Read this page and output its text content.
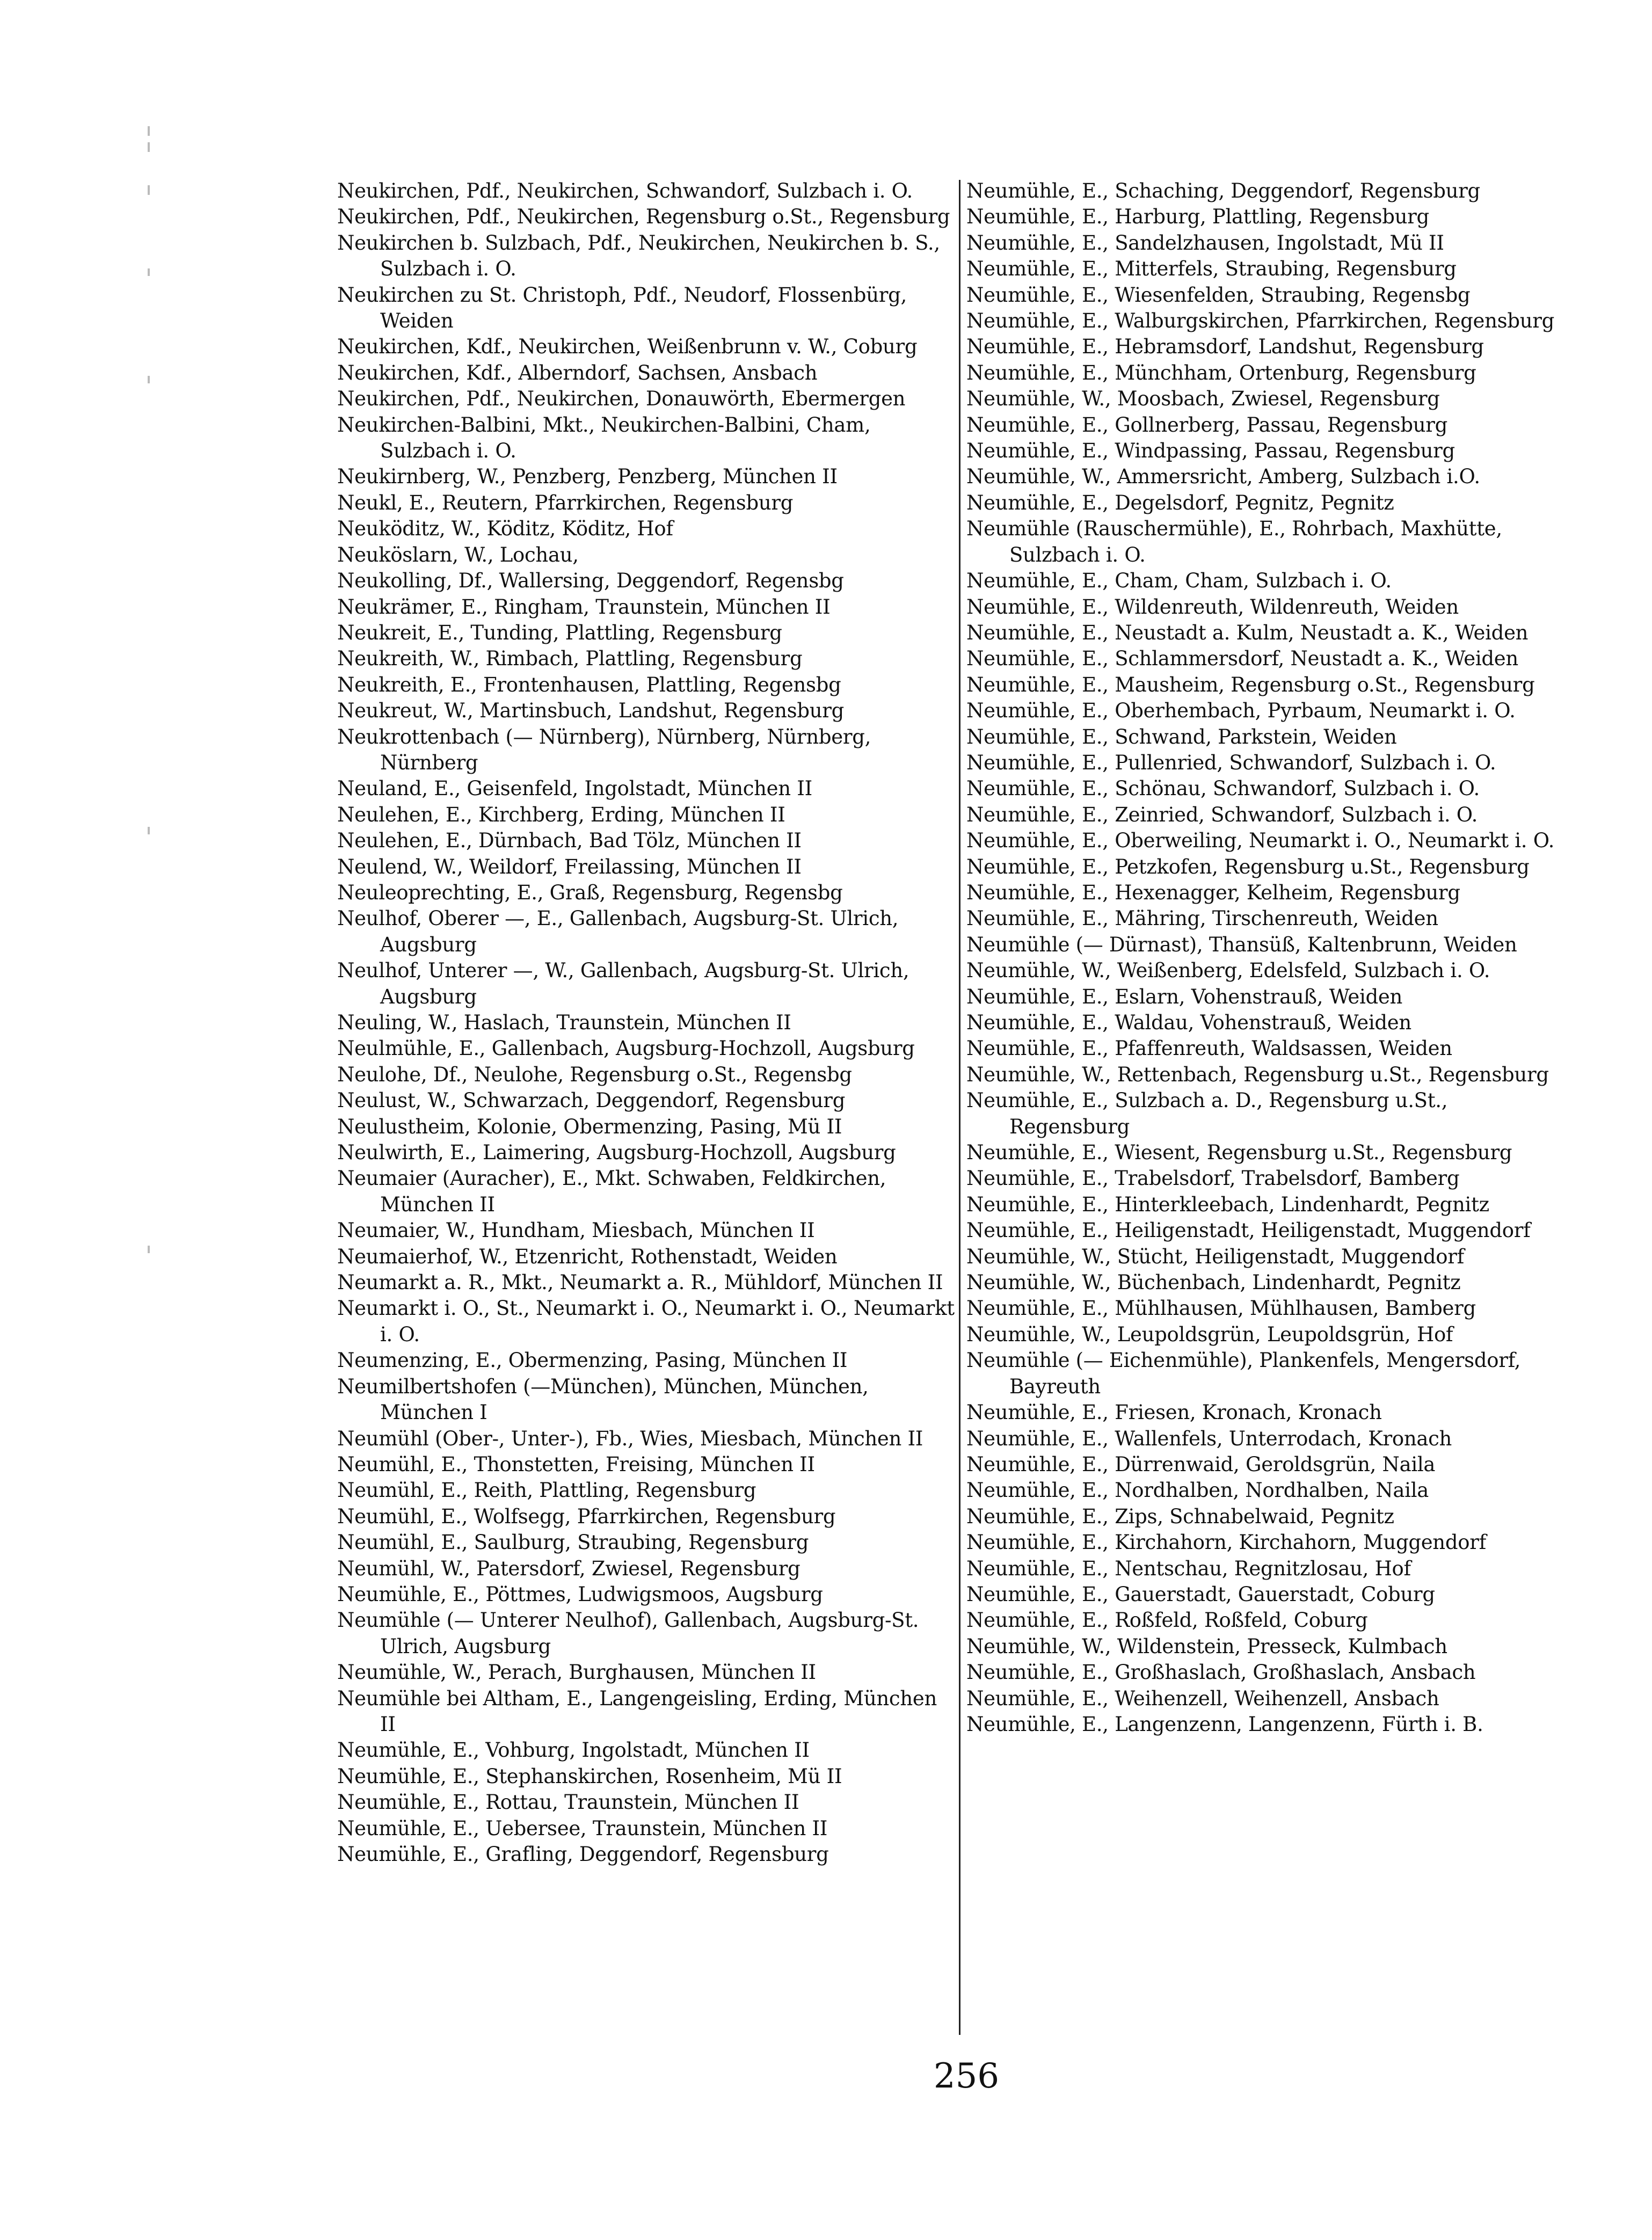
Neukirchen, Pdf., Neukirchen, Schwandorf, Sulzbach i. O.
Neukirchen, Pdf., Neukirchen, Regensburg o.St., Regensburg
Neukirchen b. Sulzbach, Pdf., Neukirchen, Neukirchen b. S., Sulzbach i. O.
Neukirchen zu St. Christoph, Pdf., Neudorf, Flossenbürg, Weiden
Neukirchen, Kdf., Neukirchen, Weißenbrunn v. W., Coburg
Neukirchen, Kdf., Alberndorf, Sachsen, Ansbach
Neukirchen, Pdf., Neukirchen, Donauwörth, Ebermergen
Neukirchen-Balbini, Mkt., Neukirchen-Balbini, Cham, Sulzbach i. O.
Neukirnberg, W., Penzberg, Penzberg, München II
Neukl, E., Reutern, Pfarrkirchen, Regensburg
Neuköditz, W., Köditz, Köditz, Hof
Neuköslarn, W., Lochau,
Neukolling, Df., Wallersing, Deggendorf, Regensbg
Neukrämer, E., Ringham, Traunstein, München II
Neukreit, E., Tunding, Plattling, Regensburg
Neukreith, W., Rimbach, Plattling, Regensburg
Neukreith, E., Frontenhausen, Plattling, Regensbg
Neukreut, W., Martinsbuch, Landshut, Regensburg
Neukrottenbach (— Nürnberg), Nürnberg, Nürnberg, Nürnberg
Neuland, E., Geisenfeld, Ingolstadt, München II
Neulehen, E., Kirchberg, Erding, München II
Neulehen, E., Dürnbach, Bad Tölz, München II
Neulend, W., Weildorf, Freilassing, München II
Neuleoprechting, E., Graß, Regensburg, Regensbg
Neulhof, Oberer —, E., Gallenbach, Augsburg-St. Ulrich, Augsburg
Neulhof, Unterer —, W., Gallenbach, Augsburg-St. Ulrich, Augsburg
Neuling, W., Haslach, Traunstein, München II
Neulmühle, E., Gallenbach, Augsburg-Hochzoll, Augsburg
Neulohe, Df., Neulohe, Regensburg o.St., Regensbg
Neulust, W., Schwarzach, Deggendorf, Regensburg
Neulustheim, Kolonie, Obermenzing, Pasing, Mü II
Neulwirth, E., Laimering, Augsburg-Hochzoll, Augsburg
Neumaier (Auracher), E., Mkt. Schwaben, Feldkirchen, München II
Neumaier, W., Hundham, Miesbach, München II
Neumaierhof, W., Etzenricht, Rothenstadt, Weiden
Neumarkt a. R., Mkt., Neumarkt a. R., Mühldorf, München II
Neumarkt i. O., St., Neumarkt i. O., Neumarkt i. O., Neumarkt i. O.
Neumenzing, E., Obermenzing, Pasing, München II
Neumilbertshofen (—München), München, München, München I
Neumühl (Ober-, Unter-), Fb., Wies, Miesbach, München II
Neumühl, E., Thonstetten, Freising, München II
Neumühl, E., Reith, Plattling, Regensburg
Neumühl, E., Wolfsegg, Pfarrkirchen, Regensburg
Neumühl, E., Saulburg, Straubing, Regensburg
Neumühl, W., Patersdorf, Zwiesel, Regensburg
Neumühle, E., Pöttmes, Ludwigsmoos, Augsburg
Neumühle (— Unterer Neulhof), Gallenbach, Augsburg-St. Ulrich, Augsburg
Neumühle, W., Perach, Burghausen, München II
Neumühle bei Altham, E., Langengeisling, Erding, München II
Neumühle, E., Vohburg, Ingolstadt, München II
Neumühle, E., Stephanskirchen, Rosenheim, Mü II
Neumühle, E., Rottau, Traunstein, München II
Neumühle, E., Uebersee, Traunstein, München II
Neumühle, E., Grafling, Deggendorf, Regensburg
Neumühle, E., Schaching, Deggendorf, Regensburg
Neumühle, E., Harburg, Plattling, Regensburg
Neumühle, E., Sandelzhausen, Ingolstadt, Mü II
Neumühle, E., Mitterfels, Straubing, Regensburg
Neumühle, E., Wiesenfelden, Straubing, Regensbg
Neumühle, E., Walburgskirchen, Pfarrkirchen, Regensburg
Neumühle, E., Hebramsdorf, Landshut, Regensburg
Neumühle, E., Münchham, Ortenburg, Regensburg
Neumühle, W., Moosbach, Zwiesel, Regensburg
Neumühle, E., Gollnerberg, Passau, Regensburg
Neumühle, E., Windpassing, Passau, Regensburg
Neumühle, W., Ammersricht, Amberg, Sulzbach i.O.
Neumühle, E., Degelsdorf, Pegnitz, Pegnitz
Neumühle (Rauschermühle), E., Rohrbach, Maxhütte, Sulzbach i. O.
Neumühle, E., Cham, Cham, Sulzbach i. O.
Neumühle, E., Wildenreuth, Wildenreuth, Weiden
Neumühle, E., Neustadt a. Kulm, Neustadt a. K., Weiden
Neumühle, E., Schlammersdorf, Neustadt a. K., Weiden
Neumühle, E., Mausheim, Regensburg o.St., Regensburg
Neumühle, E., Oberhembach, Pyrbaum, Neumarkt i. O.
Neumühle, E., Schwand, Parkstein, Weiden
Neumühle, E., Pullenried, Schwandorf, Sulzbach i. O.
Neumühle, E., Schönau, Schwandorf, Sulzbach i. O.
Neumühle, E., Zeinried, Schwandorf, Sulzbach i. O.
Neumühle, E., Oberweiling, Neumarkt i. O., Neumarkt i. O.
Neumühle, E., Petzkofen, Regensburg u.St., Regensburg
Neumühle, E., Hexenagger, Kelheim, Regensburg
Neumühle, E., Mähring, Tirschenreuth, Weiden
Neumühle (— Dürnast), Thansüß, Kaltenbrunn, Weiden
Neumühle, W., Weißenberg, Edelsfeld, Sulzbach i. O.
Neumühle, E., Eslarn, Vohenstrauß, Weiden
Neumühle, E., Waldau, Vohenstrauß, Weiden
Neumühle, E., Pfaffenreuth, Waldsassen, Weiden
Neumühle, W., Rettenbach, Regensburg u.St., Regensburg
Neumühle, E., Sulzbach a. D., Regensburg u.St., Regensburg
Neumühle, E., Wiesent, Regensburg u.St., Regensburg
Neumühle, E., Trabelsdorf, Trabelsdorf, Bamberg
Neumühle, E., Hinterkleebach, Lindenhardt, Pegnitz
Neumühle, E., Heiligenstadt, Heiligenstadt, Muggendorf
Neumühle, W., Stücht, Heiligenstadt, Muggendorf
Neumühle, W., Büchenbach, Lindenhardt, Pegnitz
Neumühle, E., Mühlhausen, Mühlhausen, Bamberg
Neumühle, W., Leupoldsgrün, Leupoldsgrün, Hof
Neumühle (— Eichenmühle), Plankenfels, Mengersdorf, Bayreuth
Neumühle, E., Friesen, Kronach, Kronach
Neumühle, E., Wallenfels, Unterrodach, Kronach
Neumühle, E., Dürrenwaid, Geroldsgrün, Naila
Neumühle, E., Nordhalben, Nordhalben, Naila
Neumühle, E., Zips, Schnabelwaid, Pegnitz
Neumühle, E., Kirchahorn, Kirchahorn, Muggendorf
Neumühle, E., Nentschau, Regnitzlosau, Hof
Neumühle, E., Gauerstadt, Gauerstadt, Coburg
Neumühle, E., Roßfeld, Roßfeld, Coburg
Neumühle, W., Wildenstein, Presseck, Kulmbach
Neumühle, E., Großhaslach, Großhaslach, Ansbach
Neumühle, E., Weihenzell, Weihenzell, Ansbach
Neumühle, E., Langenzenn, Langenzenn, Fürth i. B.
256
